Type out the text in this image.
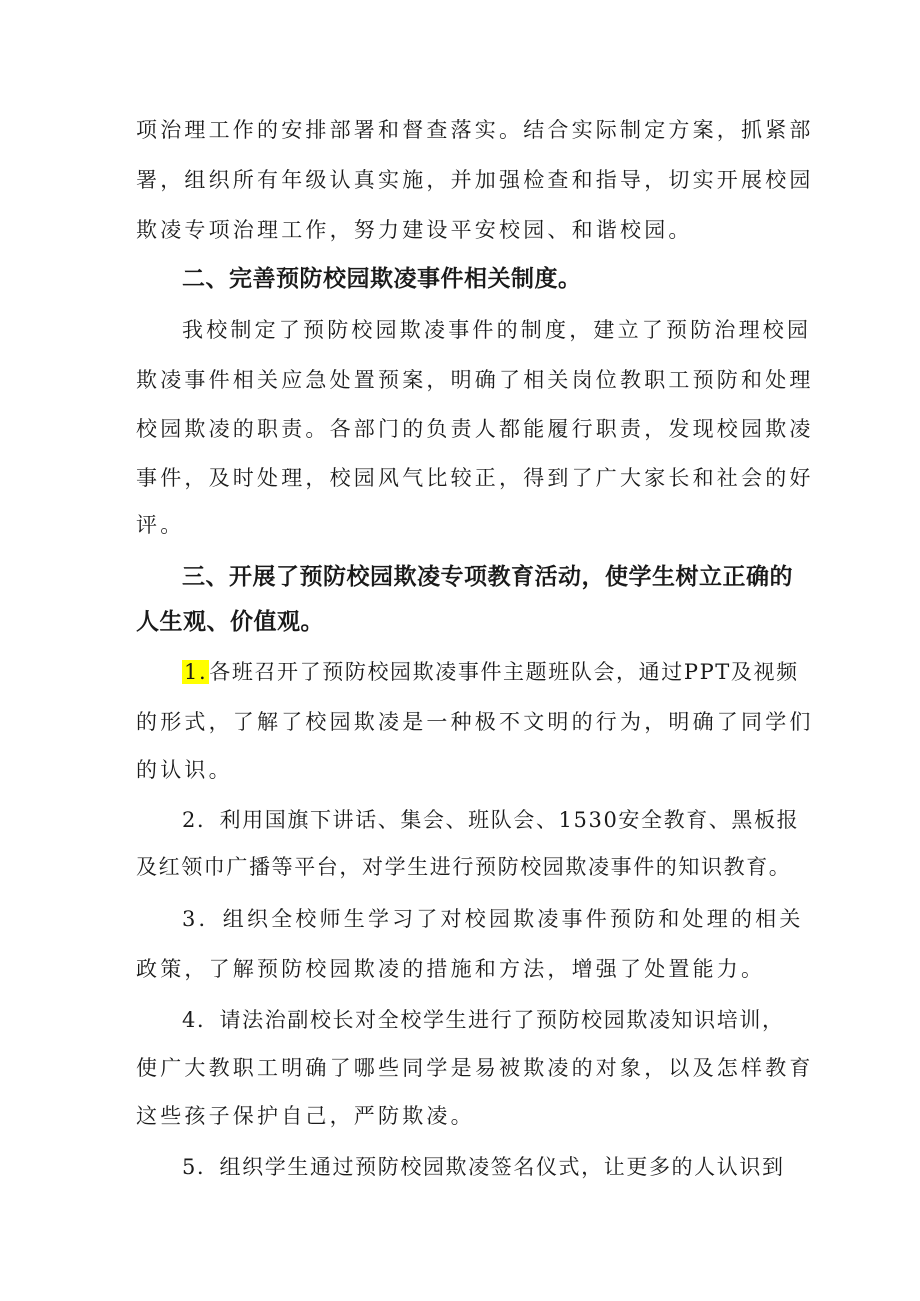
项治理工作的安排部署和督查落实。结合实际制定方案，抓紧部
署，组织所有年级认真实施，并加强检查和指导，切实开展校园
欺凌专项治理工作，努力建设平安校园、和谐校园。
二、完善预防校园欺凌事件相关制度。
我校制定了预防校园欺凌事件的制度，建立了预防治理校园
欺凌事件相关应急处置预案，明确了相关岗位教职工预防和处理
校园欺凌的职责。各部门的负责人都能履行职责，发现校园欺凌
事件，及时处理，校园风气比较正，得到了广大家长和社会的好
评。
三、开展了预防校园欺凌专项教育活动，使学生树立正确的
人生观、价值观。
1.各班召开了预防校园欺凌事件主题班队会，通过PPT及视频
的形式，了解了校园欺凌是一种极不文明的行为，明确了同学们
的认识。
2．利用国旗下讲话、集会、班队会、1530安全教育、黑板报
及红领巾广播等平台，对学生进行预防校园欺凌事件的知识教育。
3．组织全校师生学习了对校园欺凌事件预防和处理的相关
政策，了解预防校园欺凌的措施和方法，增强了处置能力。
4．请法治副校长对全校学生进行了预防校园欺凌知识培训，
使广大教职工明确了哪些同学是易被欺凌的对象，以及怎样教育
这些孩子保护自己，严防欺凌。
5．组织学生通过预防校园欺凌签名仪式，让更多的人认识到
